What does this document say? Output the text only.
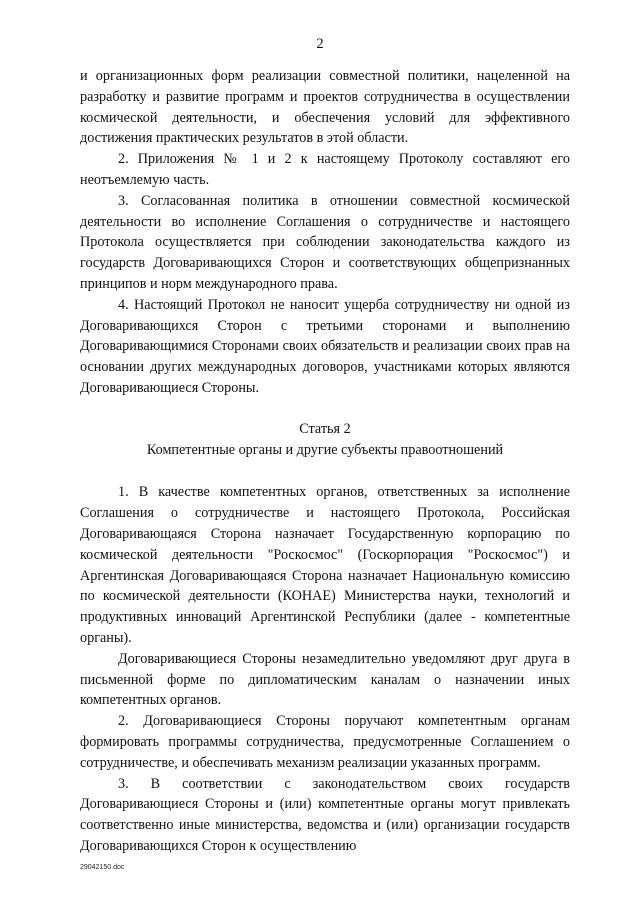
2

и организационных форм реализации совместной политики, нацеленной на разработку и развитие программ и проектов сотрудничества в осуществлении космической деятельности, и обеспечения условий для эффективного достижения практических результатов в этой области.

2. Приложения № 1 и 2 к настоящему Протоколу составляют его неотъемлемую часть.

3. Согласованная политика в отношении совместной космической деятельности во исполнение Соглашения о сотрудничестве и настоящего Протокола осуществляется при соблюдении законодательства каждого из государств Договаривающихся Сторон и соответствующих общепризнанных принципов и норм международного права.

4. Настоящий Протокол не наносит ущерба сотрудничеству ни одной из Договаривающихся Сторон с третьими сторонами и выполнению Договаривающимися Сторонами своих обязательств и реализации своих прав на основании других международных договоров, участниками которых являются Договаривающиеся Стороны.

Статья 2
Компетентные органы и другие субъекты правоотношений

1. В качестве компетентных органов, ответственных за исполнение Соглашения о сотрудничестве и настоящего Протокола, Российская Договаривающаяся Сторона назначает Государственную корпорацию по космической деятельности "Роскосмос" (Госкорпорация "Роскосмос") и Аргентинская Договаривающаяся Сторона назначает Национальную комиссию по космической деятельности (КОНАЕ) Министерства науки, технологий и продуктивных инноваций Аргентинской Республики (далее - компетентные органы).

Договаривающиеся Стороны незамедлительно уведомляют друг друга в письменной форме по дипломатическим каналам о назначении иных компетентных органов.

2. Договаривающиеся Стороны поручают компетентным органам формировать программы сотрудничества, предусмотренные Соглашением о сотрудничестве, и обеспечивать механизм реализации указанных программ.

3. В соответствии с законодательством своих государств Договаривающиеся Стороны и (или) компетентные органы могут привлекать соответственно иные министерства, ведомства и (или) организации государств Договаривающихся Сторон к осуществлению

29042150.doc
